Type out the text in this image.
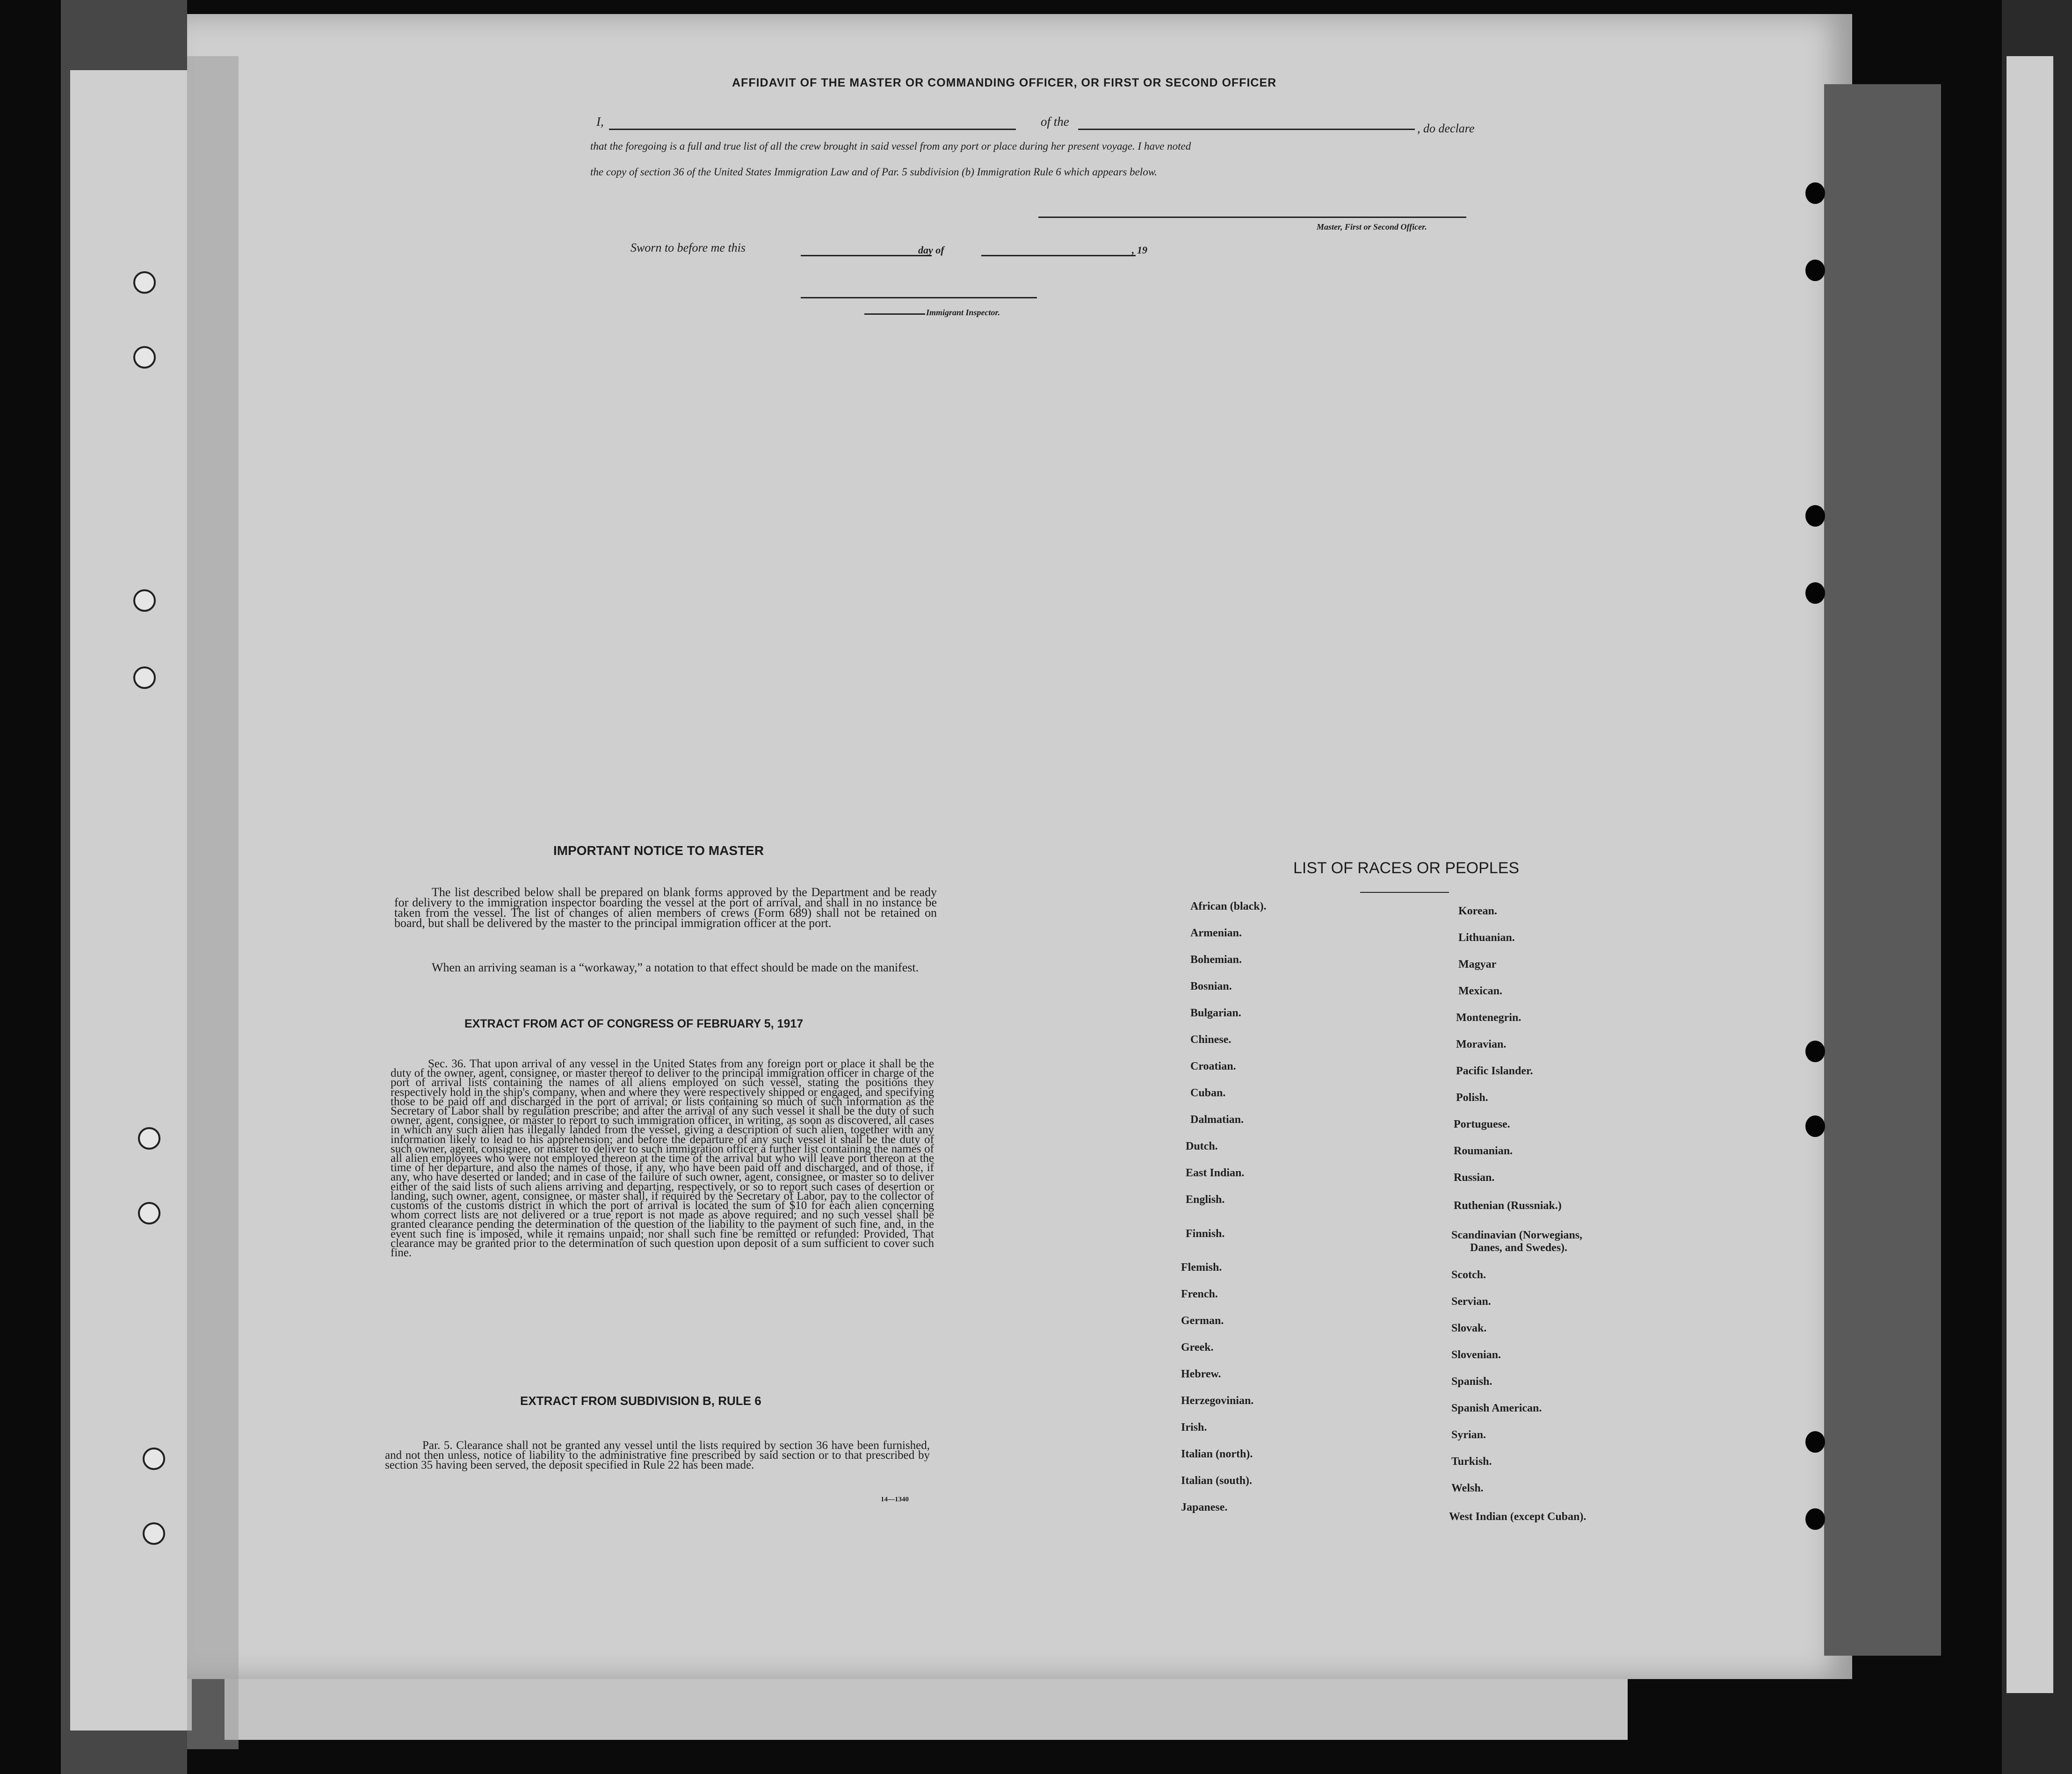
AFFIDAVIT OF THE MASTER OR COMMANDING OFFICER, OR FIRST OR SECOND OFFICER
I,	of the	, do declare
that the foregoing is a full and true list of all the crew brought in said vessel from any port or place during her present voyage. I have noted
the copy of section 36 of the United States Immigration Law and of Par. 5 subdivision (b) Immigration Rule 6 which appears below.
Master, First or Second Officer.
Sworn to before me this	day of	, 19
Immigrant Inspector.
IMPORTANT NOTICE TO MASTER
The list described below shall be prepared on blank forms approved by the Department and be ready for delivery to the immigration inspector boarding the vessel at the port of arrival, and shall in no instance be taken from the vessel. The list of changes of alien members of crews (Form 689) shall not be retained on board, but shall be delivered by the master to the principal immigration officer at the port.
When an arriving seaman is a “workaway,” a notation to that effect should be made on the manifest.
EXTRACT FROM ACT OF CONGRESS OF FEBRUARY 5, 1917
Sec. 36. That upon arrival of any vessel in the United States from any foreign port or place it shall be the duty of the owner, agent, consignee, or master thereof to deliver to the principal immigration officer in charge of the port of arrival lists containing the names of all aliens employed on such vessel, stating the positions they respectively hold in the ship's company, when and where they were respectively shipped or engaged, and specifying those to be paid off and discharged in the port of arrival; or lists containing so much of such information as the Secretary of Labor shall by regulation prescribe; and after the arrival of any such vessel it shall be the duty of such owner, agent, consignee, or master to report to such immigration officer, in writing, as soon as discovered, all cases in which any such alien has illegally landed from the vessel, giving a description of such alien, together with any information likely to lead to his apprehension; and before the departure of any such vessel it shall be the duty of such owner, agent, consignee, or master to deliver to such immigration officer a further list containing the names of all alien employees who were not employed thereon at the time of the arrival but who will leave port thereon at the time of her departure, and also the names of those, if any, who have been paid off and discharged, and of those, if any, who have deserted or landed; and in case of the failure of such owner, agent, consignee, or master so to deliver either of the said lists of such aliens arriving and departing, respectively, or so to report such cases of desertion or landing, such owner, agent, consignee, or master shall, if required by the Secretary of Labor, pay to the collector of customs of the customs district in which the port of arrival is located the sum of $10 for each alien concerning whom correct lists are not delivered or a true report is not made as above required; and no such vessel shall be granted clearance pending the determination of the question of the liability to the payment of such fine, and, in the event such fine is imposed, while it remains unpaid; nor shall such fine be remitted or refunded: Provided, That clearance may be granted prior to the determination of such question upon deposit of a sum sufficient to cover such fine.
EXTRACT FROM SUBDIVISION B, RULE 6
Par. 5. Clearance shall not be granted any vessel until the lists required by section 36 have been furnished, and not then unless, notice of liability to the administrative fine prescribed by said section or to that prescribed by section 35 having been served, the deposit specified in Rule 22 has been made.
14—1340
LIST OF RACES OR PEOPLES
African (black).
Armenian.
Bohemian.
Bosnian.
Bulgarian.
Chinese.
Croatian.
Cuban.
Dalmatian.
Dutch.
East Indian.
English.
Finnish.
Flemish.
French.
German.
Greek.
Hebrew.
Herzegovinian.
Irish.
Italian (north).
Italian (south).
Japanese.
Korean.
Lithuanian.
Magyar
Mexican.
Montenegrin.
Moravian.
Pacific Islander.
Polish.
Portuguese.
Roumanian.
Russian.
Ruthenian (Russniak.)
Scandinavian (Norwegians,
Danes, and Swedes).
Scotch.
Servian.
Slovak.
Slovenian.
Spanish.
Spanish American.
Syrian.
Turkish.
Welsh.
West Indian (except Cuban).
